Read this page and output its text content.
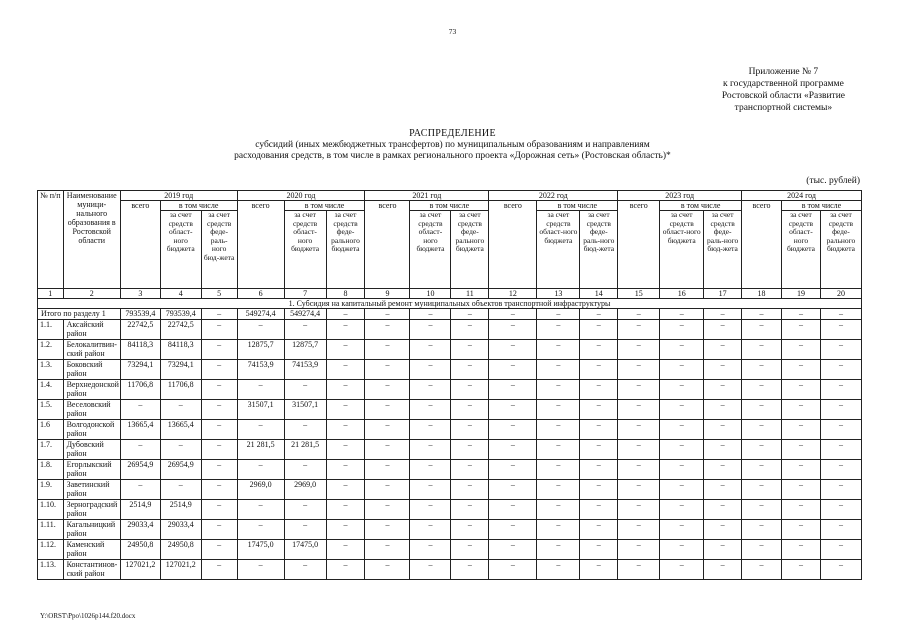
73
Приложение № 7
к государственной программе
Ростовской области «Развитие
транспортной системы»
РАСПРЕДЕЛЕНИЕ
субсидий (иных межбюджетных трансфертов) по муниципальным образованиям и направлениям
расходования средств, в том числе в рамках регионального проекта «Дорожная сеть» (Ростовская область)*
(тыс. рублей)
№ п/п	Наименование муници-нального образования в Ростовской области	2019 год			2020 год			2021 год			2022 год			2023 год			2024 год		
		всего	в том числе		всего	в том числе		всего	в том числе		всего	в том числе		всего	в том числе		всего	в том числе	
			за счет средств област-ного бюджета	за счет средств феде-раль-ного бюд-жета		за счет средств област-ного бюджета	за счет средств феде-рального бюджета		за счет средств област-ного бюджета	за счет средств феде-рального бюджета		за счет средств област-ного бюджета	за счет средств феде-раль-ного бюд-жета		за счет средств област-ного бюджета	за счет средств феде-раль-ного бюд-жета		за счет средств област-ного бюджета	за счет средств феде-рального бюджета
1	2	3	4	5	6	7	8	9	10	11	12	13	14	15	16	17	18	19	20
1. Субсидия на капитальный ремонт муниципальных объектов транспортной инфраструктуры																			
Итого по разделу 1		793539,4	793539,4	–	549274,4	549274,4	–	–	–	–	–	–	–	–	–	–	–	–	–
1.1.	Аксайский район	22742,5	22742,5	–	–	–	–	–	–	–	–	–	–	–	–	–	–	–	–
1.2.	Белокалитвин-ский район	84118,3	84118,3	–	12875,7	12875,7	–	–	–	–	–	–	–	–	–	–	–	–	–
1.3.	Боковский район	73294,1	73294,1	–	74153,9	74153,9	–	–	–	–	–	–	–	–	–	–	–	–	–
1.4.	Верхнедонской район	11706,8	11706,8	–	–	–	–	–	–	–	–	–	–	–	–	–	–	–	–
1.5.	Веселовский район	–	–	–	31507,1	31507,1	–	–	–	–	–	–	–	–	–	–	–	–	–
1.6	Волгодонской район	13665,4	13665,4	–	–	–	–	–	–	–	–	–	–	–	–	–	–	–	–
1.7.	Дубовский район	–	–	–	21 281,5	21 281,5	–	–	–	–	–	–	–	–	–	–	–	–	–
1.8.	Егорлыкский район	26954,9	26954,9	–	–	–	–	–	–	–	–	–	–	–	–	–	–	–	–
1.9.	Заветинский район	–	–	–	2969,0	2969,0	–	–	–	–	–	–	–	–	–	–	–	–	–
1.10.	Зерноградский район	2514,9	2514,9	–	–	–	–	–	–	–	–	–	–	–	–	–	–	–	–
1.11.	Кагальницкий район	29033,4	29033,4	–	–	–	–	–	–	–	–	–	–	–	–	–	–	–	–
1.12.	Каменский район	24950,8	24950,8	–	17475,0	17475,0	–	–	–	–	–	–	–	–	–	–	–	–	–
1.13.	Константинов-ский район	127021,2	127021,2	–	–	–	–	–	–	–	–	–	–	–	–	–	–	–	–
Y:\ORST\Ppo\1026p144.f20.docx
